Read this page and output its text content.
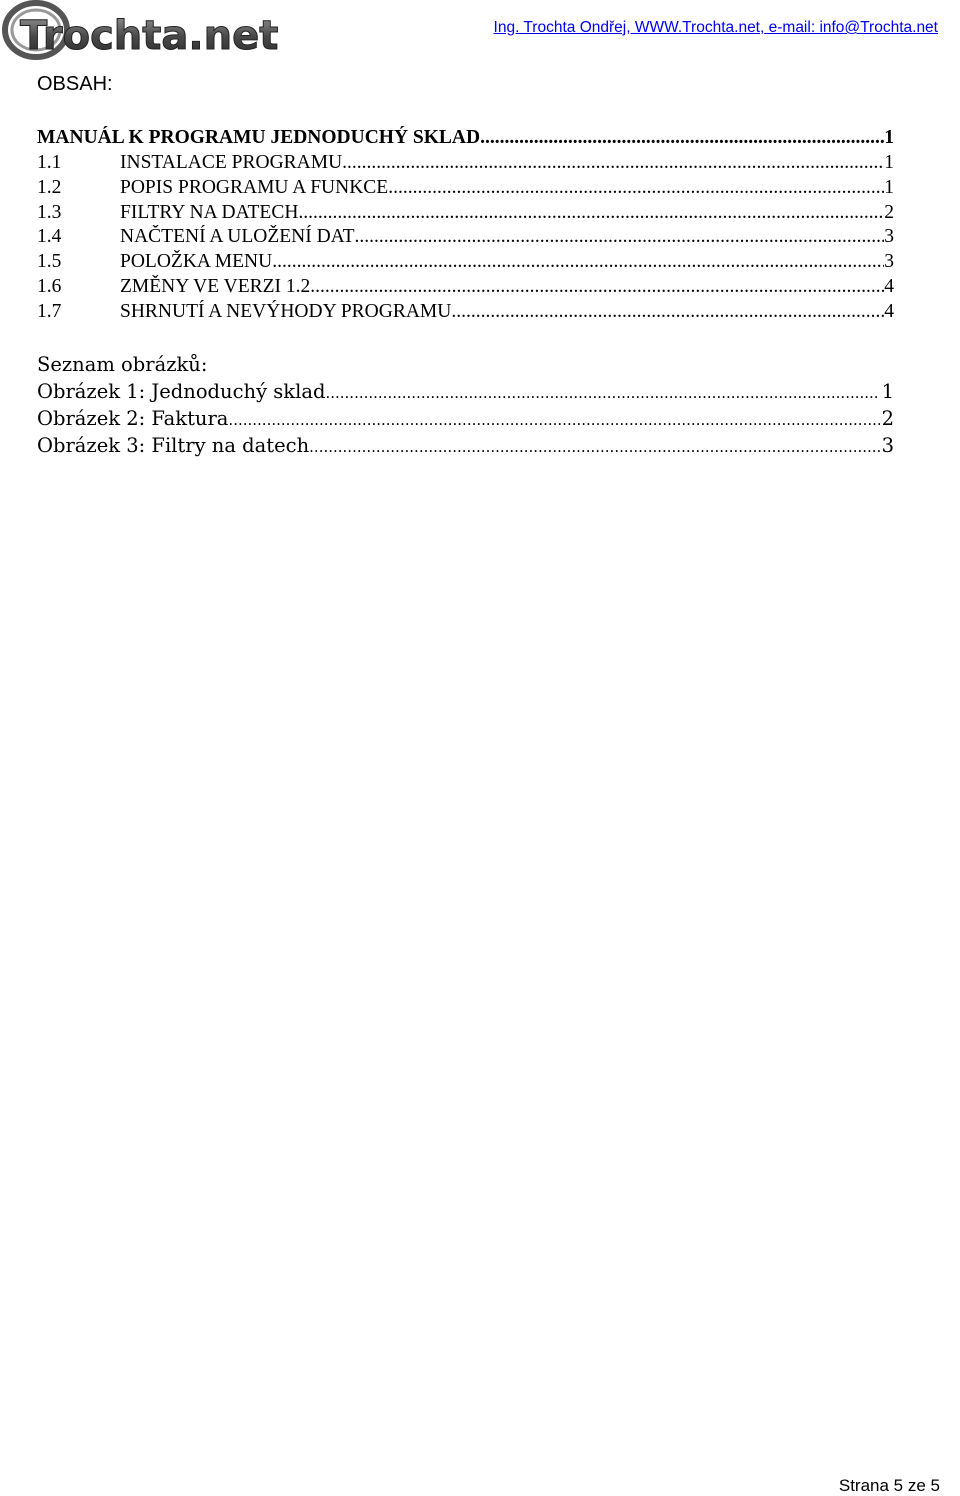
Trochta.net	Ing. Trochta Ondřej, WWW.Trochta.net, e-mail: info@Trochta.net
OBSAH:
MANUÁL K PROGRAMU JEDNODUCHÝ SKLAD .....	1
1.1	INSTALACE PROGRAMU .....	1
1.2	POPIS PROGRAMU A FUNKCE .....	1
1.3	FILTRY NA DATECH .....	2
1.4	NAČTENÍ A ULOŽENÍ DAT .....	3
1.5	POLOŽKA MENU .....	3
1.6	ZMĚNY VE VERZI 1.2 .....	4
1.7	SHRNUTÍ A NEVÝHODY PROGRAMU .....	4
Seznam obrázků:
Obrázek 1: Jednoduchý sklad .....	1
Obrázek 2: Faktura .....	2
Obrázek 3: Filtry na datech .....	3
Strana 5 ze 5
